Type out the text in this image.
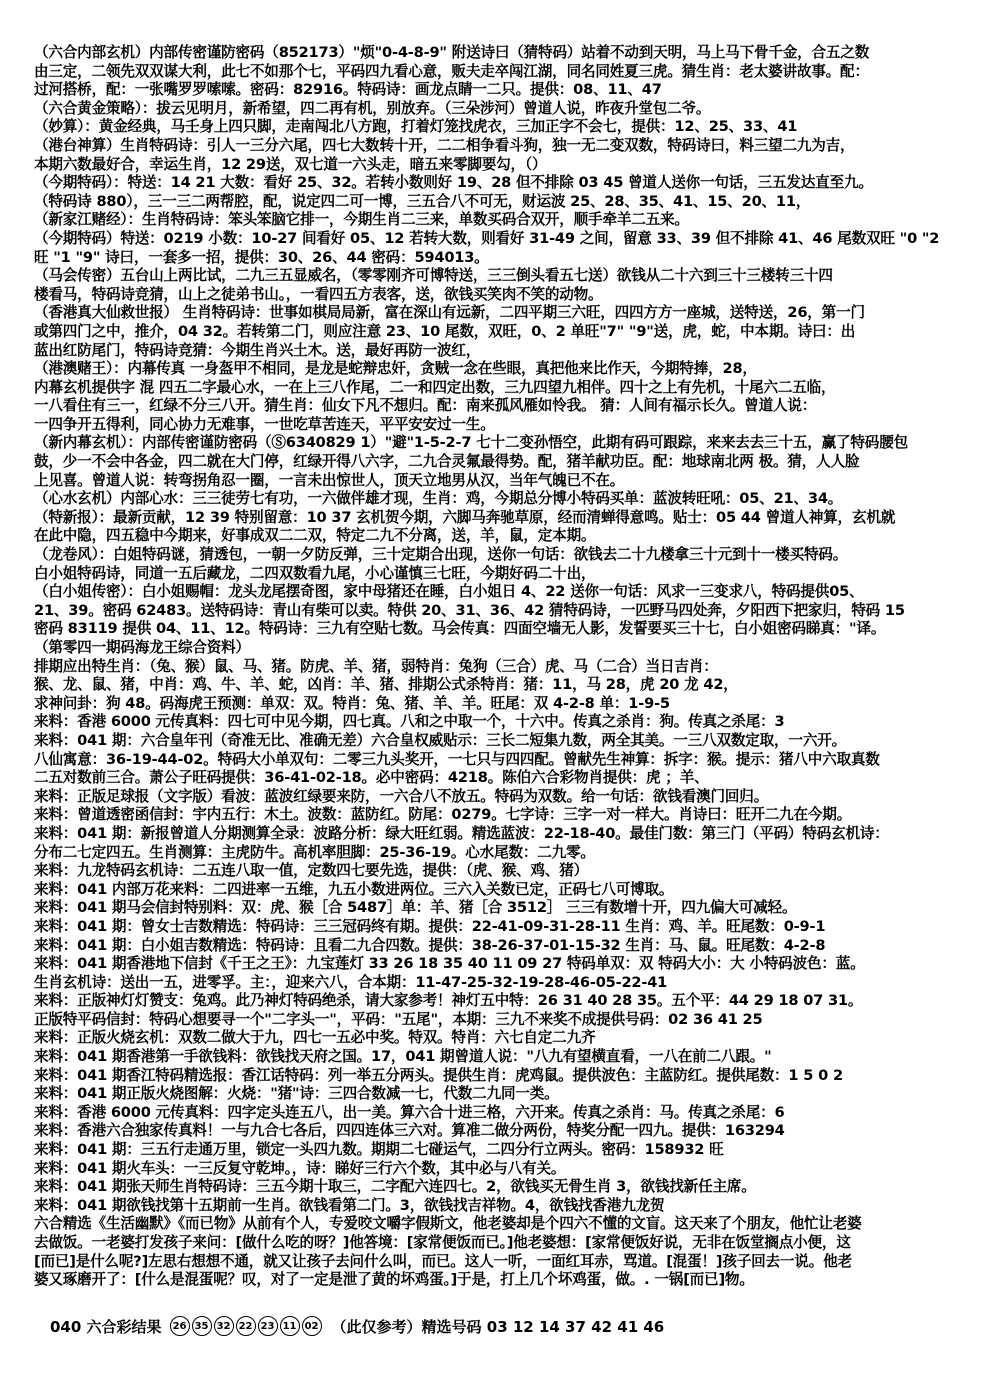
（六合内部玄机）内部传密谨防密码（852173）"烦"0-4-8-9" 附送诗曰（猜特码）站着不动到天明，马上马下骨千金，合五之数
由三定，二领先双双谋大利，此七不如那个七，平码四九看心意，贩夫走卒闯江湖，同名同姓夏三虎。猜生肖：老太婆讲故事。配：
过河搭桥，配：一张嘴罗罗嗦嗦。密码：82916。特码诗：画龙点睛一二只。提供：08、11、47
（六合黄金策略）：拔云见明月，新希望，四二再有机，别放弃。（三朵涉河）曾道人说，昨夜升堂包二爷。
（妙算）：黄金经典，马壬身上四只脚，走南闯北八方跑，打着灯笼找虎衣，三加正字不会七，提供：12、25、33、41
（港台神算）生肖特码诗：引人一三分六尾，四七大数转十开，二二相争看斗狗，独一无二变双数，特码诗曰，料三望二九为吉，
本期六数最好合，幸运生肖，12 29送，双七道一六头走，暗五来零脚要勾，（）
（今期特码）：特送：14 21 大数：看好 25、32。若转小数则好 19、28 但不排除 03 45 曾道人送你一句话，三五发达直至九。
（特码诗 880），三一三二两帮腔，配，说定四二可一博，三五合八不可无，财运波 25、28、35、41、15、20、11，
（新家江赌经）：生肖特码诗：笨头笨脑它排一，今期生肖二三来，单数买码合双开，顺手牵羊二五来。
（今期特码）特送：0219 小数：10-27 间看好 05、12 若转大数，则看好 31-49 之间，留意 33、39 但不排除 41、46 尾数双旺 "0 "2
旺 "1 "9" 诗曰，一套多一招，提供：30、26、44 密码：594013。
（马会传密）五台山上两比试，二九三五显威名，（零零刚齐可博特送，三三倒头看五七送）欲钱从二十六到三十三楼转三十四
楼看马，特码诗竞猜，山上之徒弟书山。，一看四五方表客，送，欲钱买笑肉不笑的动物。
（香港真大仙救世报） 生肖特码诗：世事如棋局局新，富在深山有远新，二四平期三六旺，四四方方一座城，送特送，26，第一门
或第四门之中，推介，04 32。若转第二门，则应注意 23、10 尾数，双旺，0、2 单旺"7" "9"送，虎，蛇，中本期。诗曰：出
蓝出红防尾门，特码诗竞猜：今期生肖兴土木。送，最好再防一波红，
（港澳赌王）：内幕传真 一身盔甲不相同，是龙是蛇辩忠奸，贪贼一念在些眼，真把他来比作天，今期特捧，28，
内幕玄机提供字 混 四五二字最心水，一在上三八作尾，二一和四定出数，三九四望九相伴。四十之上有先机，十尾六二五临，
一八看住有三一，红绿不分三八开。猜生肖：仙女下凡不想归。配：南来孤风雁如怜我。 猜：人间有福示长久。曾道人说：
一四争开五得利，同心协力无难事，一世吃草苦连天，平平安安过一生。
（新内幕玄机）：内部传密谨防密码（Ⓢ6340829 1）"避"1-5-2-7 七十二变孙悟空，此期有码可跟踪，来来去去三十五，赢了特码腰包
鼓，少一不会中各金，四二就在大门停，红绿开得八六字，二九合灵氟最得势。配，猪羊献功臣。配：地球南北两 极。猜，人人脸
上见喜。曾道人说：转弯拐角忍一圈，一言未出惊世人，顶天立地男从汉，当年气魄已不在。
（心水玄机）内部心水：三三徒劳七有功，一六做伴雄才现，生肖：鸡，今期总分博小特码买单：蓝波转旺吼：05、21、34。
（特新报）：最新贡献，12 39 特别留意：10 37 玄机贺今期，六脚马奔驰草原，经而清蝉得意鸣。贴士：05 44 曾道人神算，玄机就
在此中隐，四五稳中今期来，好事成双二二双，特定二九不分离，送，羊，鼠，定本期。
（龙卷风）：白姐特码谜，猜透包，一朝一夕防反弹，三十定期合出现，送你一句话：欲钱去二十九楼拿三十元到十一楼买特码。
白小姐特码诗，同道一五后藏龙，二四双数看九尾，小心谨慎三七旺，今期好码二十出，
（白小姐传密）：白小姐赐帽：龙头龙尾摆奇图，家中母猪还在睡，白小姐日 4、22 送你一句话：风求一三变求八，特码提供05、
21、39。密码 62483。送特码诗：青山有柴可以卖。特供 20、31、36、42 猜特码诗，一匹野马四处奔，夕阳西下把家归，特码 15
密码 83119 提供 04、11、12。特码诗：三九有空贴七数。马会传真：四面空墙无人影，发誓要买三十七，白小姐密码睇真："译。
（第零四一期码海龙王综合资料）
排期应出特生肖：（兔、猴）鼠、马、猪。防虎、羊、猪，弱特肖：兔狗（三合）虎、马（二合）当日吉肖：
猴、龙、鼠、猪，中肖：鸡、牛、羊、蛇，凶肖：羊、猪、排期公式杀特肖：猪：11，马 28，虎 20 龙 42，
求神问卦：狗 48。码海虎王预测：单双：双。特肖：兔、猪、羊、羊。旺尾：双 4-2-8 单：1-9-5
来料：香港 6000 元传真料：四七可中见今期，四七真。八和之中取一个，十六中。传真之杀肖：狗。传真之杀尾：3
来料：041 期：六合皇年刊（奇准无比、准确无差）六合皇权威贴示：三长二短集九数，两全其美。一三八双数定取，一六开。
八仙寓意：36-19-44-02。特码大小单双句：二零三九头奖开，一七只与四四配。曾献先生神算：拆字：猴。提示：猪八中六取真数
二五对数前三合。萧公子旺码提供：36-41-02-18。必中密码：4218。陈伯六合彩物肖提供：虎 ；羊、
来料：正版足球报（文字版）看波：蓝波红绿要来防，一六合八不放五。特码为双数。给一句话：欲钱看澳门回归。
来料：曾道透密函信封：宇内五行：木土。波数：蓝防红。防尾：0279。七字诗：三字一对一样大。肖诗曰：旺开二九在今期。
来料：041 期：新报曾道人分期测算全录：波路分析：绿大旺红弱。精选蓝波：22-18-40。最佳门数：第三门（平码）特码玄机诗：
分布二七定四五。生肖测算：主虎防牛。高机率胆脚：25-36-19。心水尾数：二九零。
来料：九龙特码玄机诗：二五连八取一值，定数四七要先选，提供：（虎、猴、鸡、猪）
来料：041 内部万花来料：二四进率一五维，九五小数进两位。三六入关数已定，正码七八可博取。
来料：041 期马会信封特别料：双：虎、猴［合 5487］单：羊、猪［合 3512］ 三三有数增十开，四九偏大可减轻。
来料：041 期：曾女士吉数精选：特码诗：三三冠码终有期。提供：22-41-09-31-28-11 生肖：鸡、羊。旺尾数：0-9-1
来料：041 期：白小姐吉数精选：特码诗：且看二九合四数。提供：38-26-37-01-15-32 生肖：马、鼠。旺尾数：4-2-8
来料：041 期香港地下信封《千王之王》：九宝莲灯 33 26 18 35 40 11 09 27 特码单双：双 特码大小：大 小特码波色：蓝。
生肖玄机诗：送出一五，进零孚。主：，迎来六八，合本期：11-47-25-32-19-28-46-05-22-41
来料：正版神灯灯赞支：兔鸡。此乃神灯特码绝杀，请大家参考！神灯五中特：26 31 40 28 35。五个平：44 29 18 07 31。
正版特平码信封：特码心想要寻一个"二字头一"，平码："五尾"，本期：三九不来奖不成提供号码：02 36 41 25
来料：正版火烧玄机：双数二做大于九，四七一五必中奖。特双。特肖：六七自定二九齐
来料：041 期香港第一手欲钱料：欲钱找天府之国。17，041 期曾道人说："八九有望横直看，一八在前二八跟。"
来料：041 期香江特码精选报：香江话特码：列一举五分两头。提供生肖：虎鸡鼠。提供波色：主蓝防红。提供尾数：1 5 0 2
来料：041 期正版火烧图解：火烧："猪"诗：三四合数减一七，代数二九同一类。
来料：香港 6000 元传真料：四字定头连五八，出一美。算六合十进三格，六开来。传真之杀肖：马。传真之杀尾：6
来料：香港六合独家传真料！一与九合七各后，四四连体三六对。算准二做分两份，特奖分配一四九。提供：163294
来料：041 期：三五行走通万里，锁定一头四九数。期期二七碰运气，二四分行立两头。密码：158932 旺
来料：041 期火车头：一三反复守乾坤。，诗：睇好三行六个数，其中必与八有关。
来料：041 期张天师生肖特码诗：三五今期十取三，二字配六连四七。2，欲钱买无骨生肖 3，欲钱找新任主席。
来料：041 期欲钱找第十五期前一生肖。欲钱看第二门。3，欲钱找吉祥物。4，欲钱找香港九龙贺
六合精选《生活幽默》《而已物》从前有个人，专爱咬文嚼字假斯文，他老婆却是个四六不懂的文盲。这天来了个朋友，他忙让老婆
去做饭。一老婆打发孩子来问：[做什么吃的呀？]他答境：[家常便饭而已。]他老婆想：[家常便饭好说，无非在饭堂搁点小便，这
[而已]是什么呢?]左思右想想不通，就又让孩子去问什么叫，而已。这人一听，一面红耳赤，骂道。[混蛋！]孩子回去一说。他老
婆又琢磨开了：[什么是混蛋呢？叹，对了一定是泄了黄的坏鸡蛋。]于是，打上几个坏鸡蛋，做。. 一锅[而已]物。
040 六合彩结果	26 35 32 22 23 11 02 （此仅参考）精选号码 03 12 14 37 42 41 46
